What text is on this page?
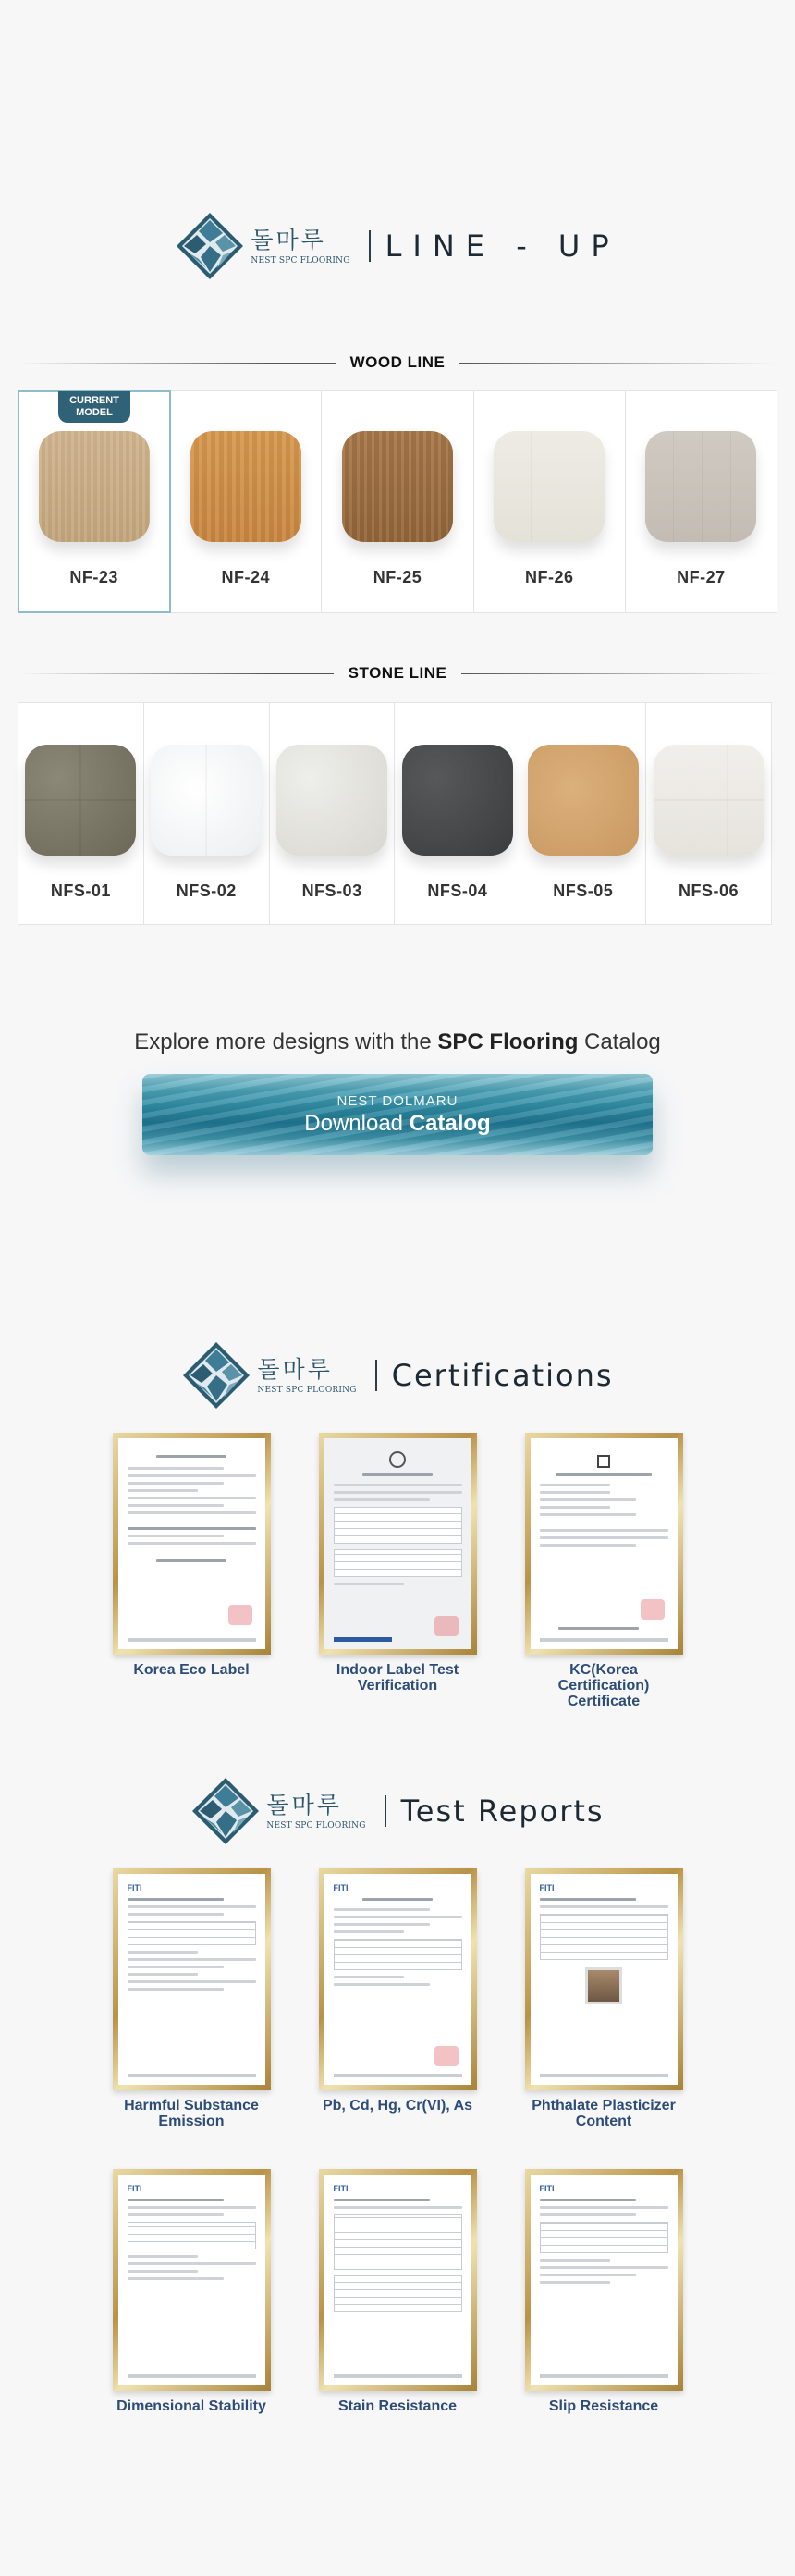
돌마루
NEST SPC FLOORING LINE - UP
WOOD LINE
CURRENT MODEL
NF-23	NF-24	NF-25	NF-26	NF-27
STONE LINE
NFS-01	NFS-02	NFS-03	NFS-04	NFS-05	NFS-06
Explore more designs with the SPC Flooring Catalog
NEST DOLMARU
Download Catalog
돌마루
NEST SPC FLOORING Certifications
Korea Eco Label	Indoor Label Test Verification
KC(Korea Certification) Certificate
돌마루
NEST SPC FLOORING Test Reports
FITI
Harmful Substance Emission
FITI
Pb, Cd, Hg, Cr(VI), As
FITI
Phthalate Plasticizer Content
FITI
Dimensional Stability
FITI
Stain Resistance
FITI
Slip Resistance
